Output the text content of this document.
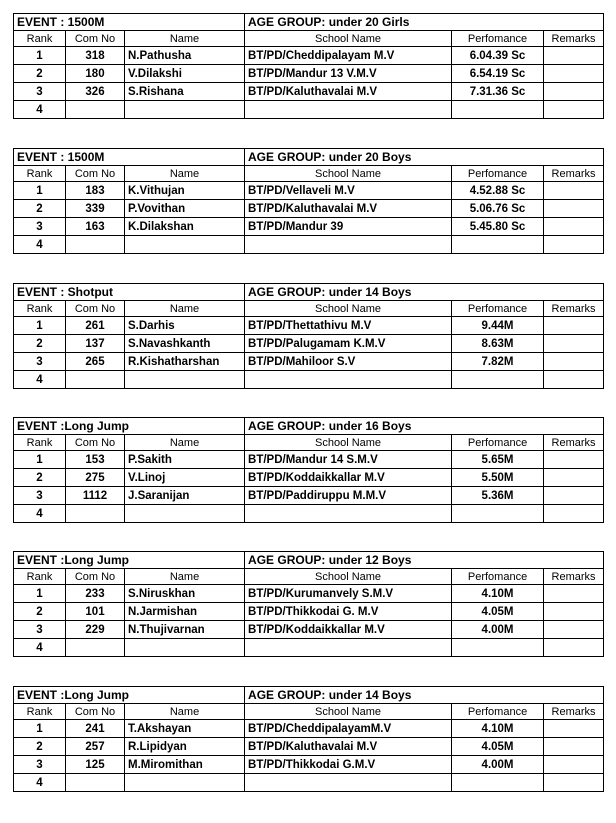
EVENT : 1500M			AGE GROUP: under 20 Girls		
Rank	Com No	Name	School Name	Perfomance	Remarks
1	318	N.Pathusha	BT/PD/Cheddipalayam M.V	6.04.39 Sc	
2	180	V.Dilakshi	BT/PD/Mandur 13 V.M.V	6.54.19 Sc	
3	326	S.Rishana	BT/PD/Kaluthavalai M.V	7.31.36 Sc	
4					
EVENT : 1500M			AGE GROUP: under 20 Boys		
Rank	Com No	Name	School Name	Perfomance	Remarks
1	183	K.Vithujan	BT/PD/Vellaveli M.V	4.52.88 Sc	
2	339	P.Vovithan	BT/PD/Kaluthavalai M.V	5.06.76 Sc	
3	163	K.Dilakshan	BT/PD/Mandur 39	5.45.80 Sc	
4					
EVENT : Shotput			AGE GROUP: under 14 Boys		
Rank	Com No	Name	School Name	Perfomance	Remarks
1	261	S.Darhis	BT/PD/Thettathivu M.V	9.44M	
2	137	S.Navashkanth	BT/PD/Palugamam K.M.V	8.63M	
3	265	R.Kishatharshan	BT/PD/Mahiloor S.V	7.82M	
4					
EVENT :Long Jump			AGE GROUP: under 16 Boys		
Rank	Com No	Name	School Name	Perfomance	Remarks
1	153	P.Sakith	BT/PD/Mandur 14 S.M.V	5.65M	
2	275	V.Linoj	BT/PD/Koddaikkallar M.V	5.50M	
3	1112	J.Saranijan	BT/PD/Paddiruppu M.M.V	5.36M	
4					
EVENT :Long Jump			AGE GROUP: under 12 Boys		
Rank	Com No	Name	School Name	Perfomance	Remarks
1	233	S.Niruskhan	BT/PD/Kurumanvely S.M.V	4.10M	
2	101	N.Jarmishan	BT/PD/Thikkodai G. M.V	4.05M	
3	229	N.Thujivarnan	BT/PD/Koddaikkallar M.V	4.00M	
4					
EVENT :Long Jump			AGE GROUP: under 14 Boys		
Rank	Com No	Name	School Name	Perfomance	Remarks
1	241	T.Akshayan	BT/PD/CheddipalayamM.V	4.10M	
2	257	R.Lipidyan	BT/PD/Kaluthavalai M.V	4.05M	
3	125	M.Miromithan	BT/PD/Thikkodai G.M.V	4.00M	
4					
